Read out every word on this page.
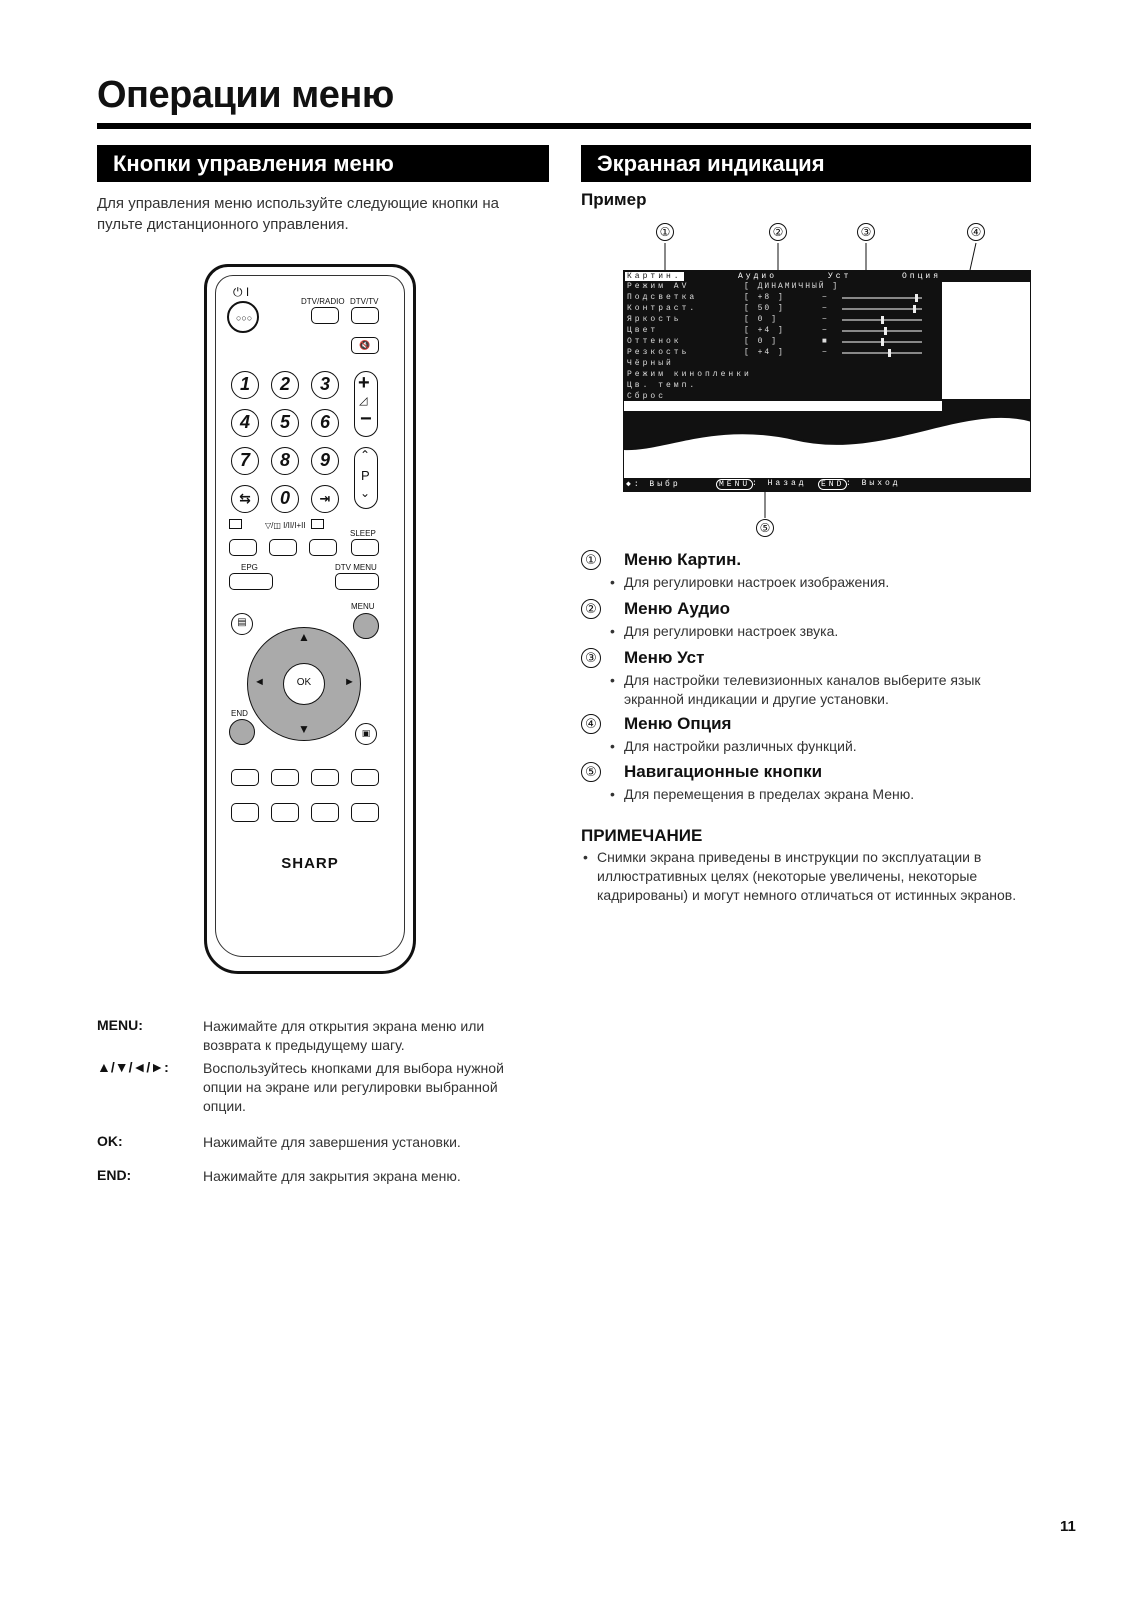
Операции меню
Кнопки управления меню	Экранная индикация
Для управления меню используйте следующие кнопки на пульте дистанционного управления.
⏻ I
○○○
DTV/RADIO DTV/TV
🔇
1	2	3
4	5	6
7	8	9
⇆	0	⇥
+
◿
−
⌃
P
⌄
▽/◫ I/II/I+II
SLEEP
EPG	DTV MENU
MENU
▤
▲
▼
◄	►
OK
END
▣
SHARP
MENU:	Нажимайте для открытия экрана меню или возврата к предыдущему шагу.
▲/▼/◄/►: Воспользуйтесь кнопками для выбора нужной опции на экране или регулировки выбранной опции.
OK:	Нажимайте для завершения установки.
END:	Нажимайте для закрытия экрана меню.
Пример
①	②	③	④
⑤
Картин.	Аудио	Уст	Опция
Режим AV	[ ДИНАМИЧНЫЙ ]
Подсветка	[ +8 ]
Контраст.	[ 50 ]
Яркость	[ 0 ]
Цвет	[ +4 ]
Оттенок	[ 0 ]
Резкость	[ +4 ]
Чёрный
Режим кинопленки
Цв. темп.
Сброс
−
−
−
−
■
−
◆: Выбр	MENU : Назад	END : Выход
① Меню Картин.
• Для регулировки настроек изображения.
② Меню Аудио
• Для регулировки настроек звука.
③ Меню Уст
• Для настройки телевизионных каналов выберите язык экранной индикации и другие установки.
④ Меню Опция
• Для настройки различных функций.
⑤ Навигационные кнопки
• Для перемещения в пределах экрана Меню.
ПРИМЕЧАНИЕ
• Снимки экрана приведены в инструкции по эксплуатации в иллюстративных целях (некоторые увеличены, некоторые кадрированы) и могут немного отличаться от истинных экранов.
11
